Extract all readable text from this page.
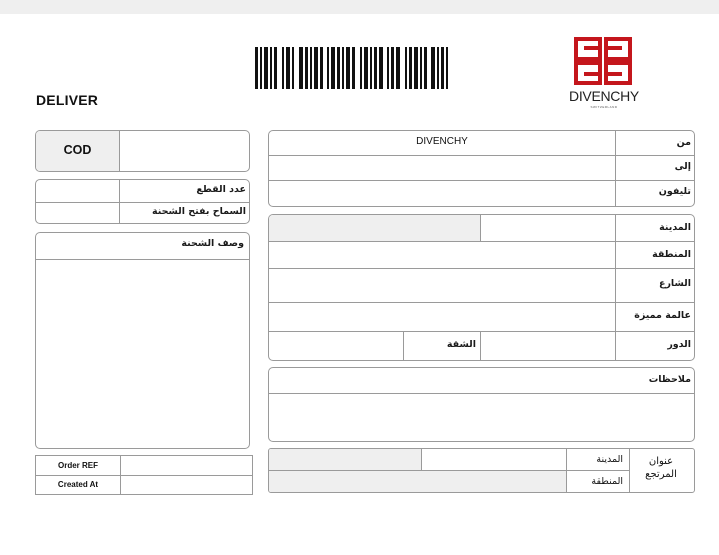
DELIVER	DIVENCHY
SWITZERLAND
COD
عدد القطع
السماح بفتح الشحنة
وصف الشحنة
Order REF
Created At
DIVENCHY	من
إلى
تليفون
المدينة
المنطقة
الشارع
عالمة مميزة
الدور
الشقة
ملاحظات
المدينة
المنطقة
عنوان المرتجع
